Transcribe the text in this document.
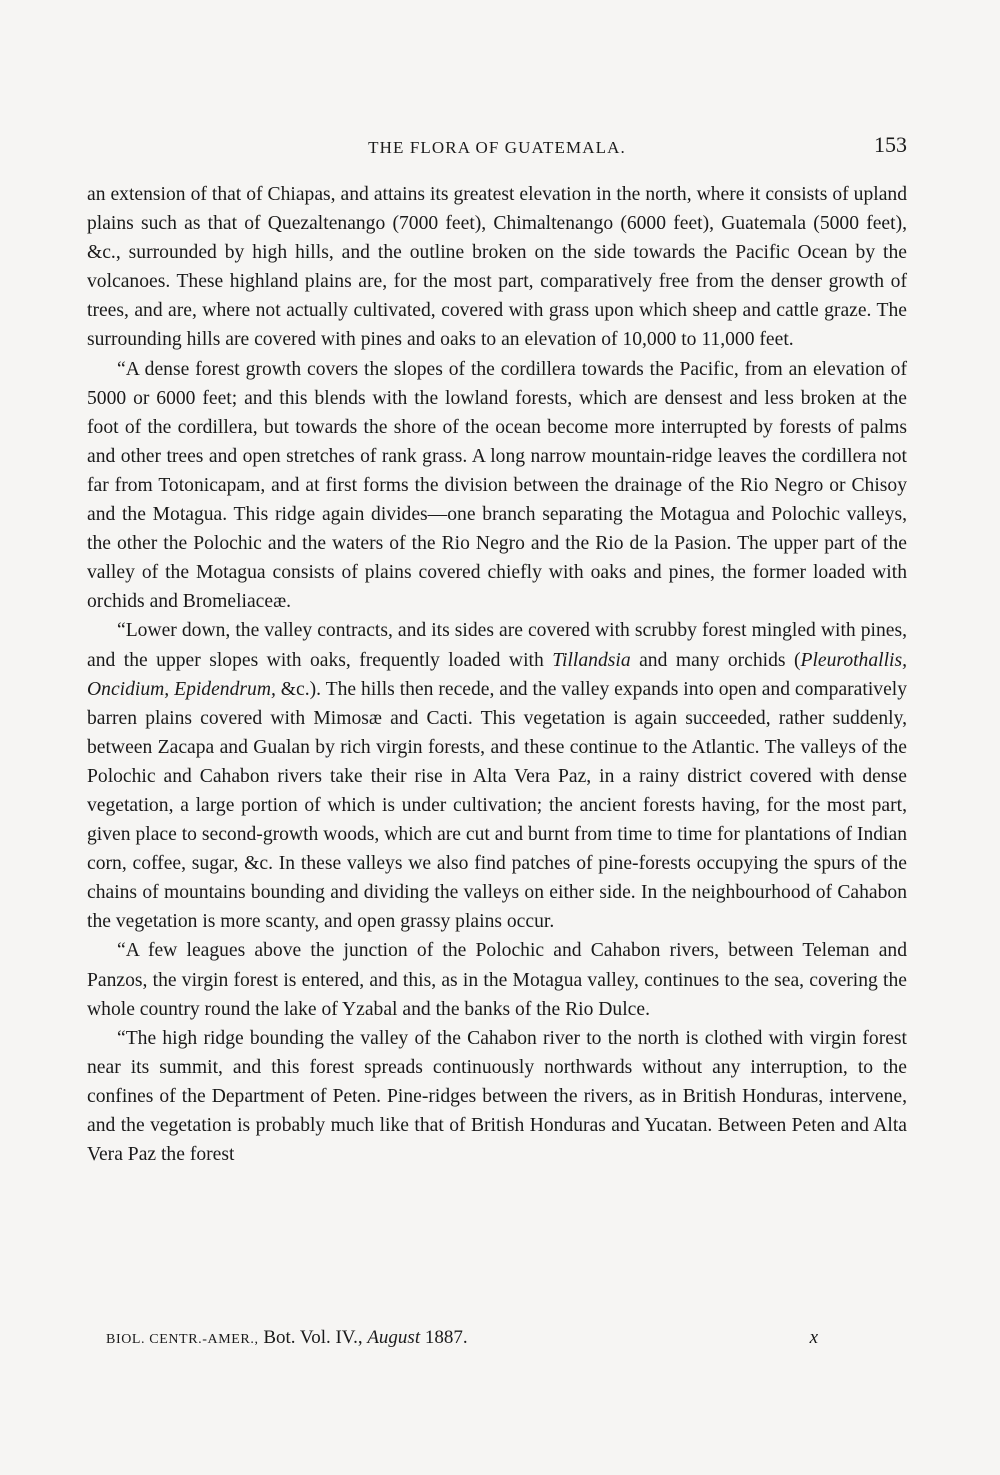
THE FLORA OF GUATEMALA.	153

an extension of that of Chiapas, and attains its greatest elevation in the north, where it consists of upland plains such as that of Quezaltenango (7000 feet), Chimaltenango (6000 feet), Guatemala (5000 feet), &c., surrounded by high hills, and the outline broken on the side towards the Pacific Ocean by the volcanoes. These highland plains are, for the most part, comparatively free from the denser growth of trees, and are, where not actually cultivated, covered with grass upon which sheep and cattle graze. The surrounding hills are covered with pines and oaks to an elevation of 10,000 to 11,000 feet.

“A dense forest growth covers the slopes of the cordillera towards the Pacific, from an elevation of 5000 or 6000 feet; and this blends with the lowland forests, which are densest and less broken at the foot of the cordillera, but towards the shore of the ocean become more interrupted by forests of palms and other trees and open stretches of rank grass. A long narrow mountain-ridge leaves the cordillera not far from Totonicapam, and at first forms the division between the drainage of the Rio Negro or Chisoy and the Motagua. This ridge again divides—one branch separating the Motagua and Polochic valleys, the other the Polochic and the waters of the Rio Negro and the Rio de la Pasion. The upper part of the valley of the Motagua consists of plains covered chiefly with oaks and pines, the former loaded with orchids and Bromeliaceæ.

“Lower down, the valley contracts, and its sides are covered with scrubby forest mingled with pines, and the upper slopes with oaks, frequently loaded with Tillandsia and many orchids (Pleurothallis, Oncidium, Epidendrum, &c.). The hills then recede, and the valley expands into open and comparatively barren plains covered with Mimosæ and Cacti. This vegetation is again succeeded, rather suddenly, between Zacapa and Gualan by rich virgin forests, and these continue to the Atlantic. The valleys of the Polochic and Cahabon rivers take their rise in Alta Vera Paz, in a rainy district covered with dense vegetation, a large portion of which is under cultivation; the ancient forests having, for the most part, given place to second-growth woods, which are cut and burnt from time to time for plantations of Indian corn, coffee, sugar, &c. In these valleys we also find patches of pine-forests occupying the spurs of the chains of mountains bounding and dividing the valleys on either side. In the neighbourhood of Cahabon the vegetation is more scanty, and open grassy plains occur.

“A few leagues above the junction of the Polochic and Cahabon rivers, between Teleman and Panzos, the virgin forest is entered, and this, as in the Motagua valley, continues to the sea, covering the whole country round the lake of Yzabal and the banks of the Rio Dulce.

“The high ridge bounding the valley of the Cahabon river to the north is clothed with virgin forest near its summit, and this forest spreads continuously northwards without any interruption, to the confines of the Department of Peten. Pine-ridges between the rivers, as in British Honduras, intervene, and the vegetation is probably much like that of British Honduras and Yucatan. Between Peten and Alta Vera Paz the forest

BIOL. CENTR.-AMER., Bot. Vol. IV., August 1887.	x
